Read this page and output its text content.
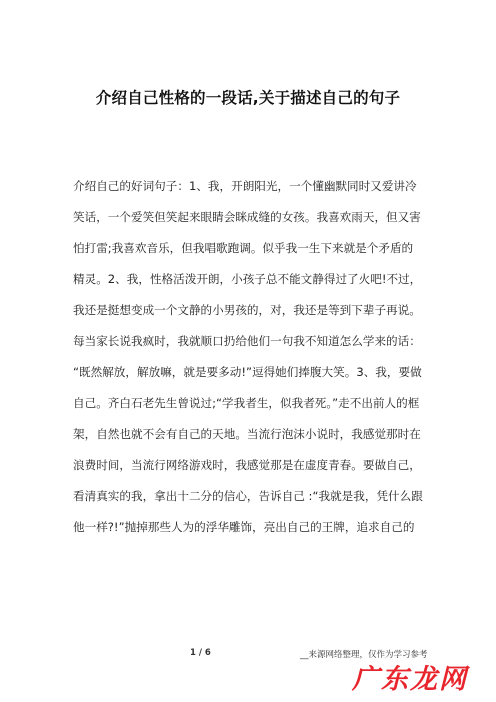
介绍自己性格的一段话,关于描述自己的句子
介绍自己的好词句子：1、我，开朗阳光，一个懂幽默同时又爱讲冷
笑话，一个爱笑但笑起来眼睛会眯成缝的女孩。我喜欢雨天，但又害
怕打雷;我喜欢音乐，但我唱歌跑调。似乎我一生下来就是个矛盾的
精灵。2、我，性格活泼开朗，小孩子总不能文静得过了火吧!不过，
我还是挺想变成一个文静的小男孩的，对，我还是等到下辈子再说。
每当家长说我疯时，我就顺口扔给他们一句我不知道怎么学来的话：
“既然解放，解放嘛，就是要多动!”逗得她们捧腹大笑。3、我，要做
自己。齐白石老先生曾说过;“学我者生，似我者死。”走不出前人的框
架，自然也就不会有自己的天地。当流行泡沫小说时，我感觉那时在
浪费时间，当流行网络游戏时，我感觉那是在虚度青春。要做自己，
看清真实的我，拿出十二分的信心，告诉自己 :“我就是我，凭什么跟
他一样?!”抛掉那些人为的浮华雕饰，亮出自己的王牌，追求自己的
1 / 6	__来源网络整理，仅作为学习参考
广东龙网
